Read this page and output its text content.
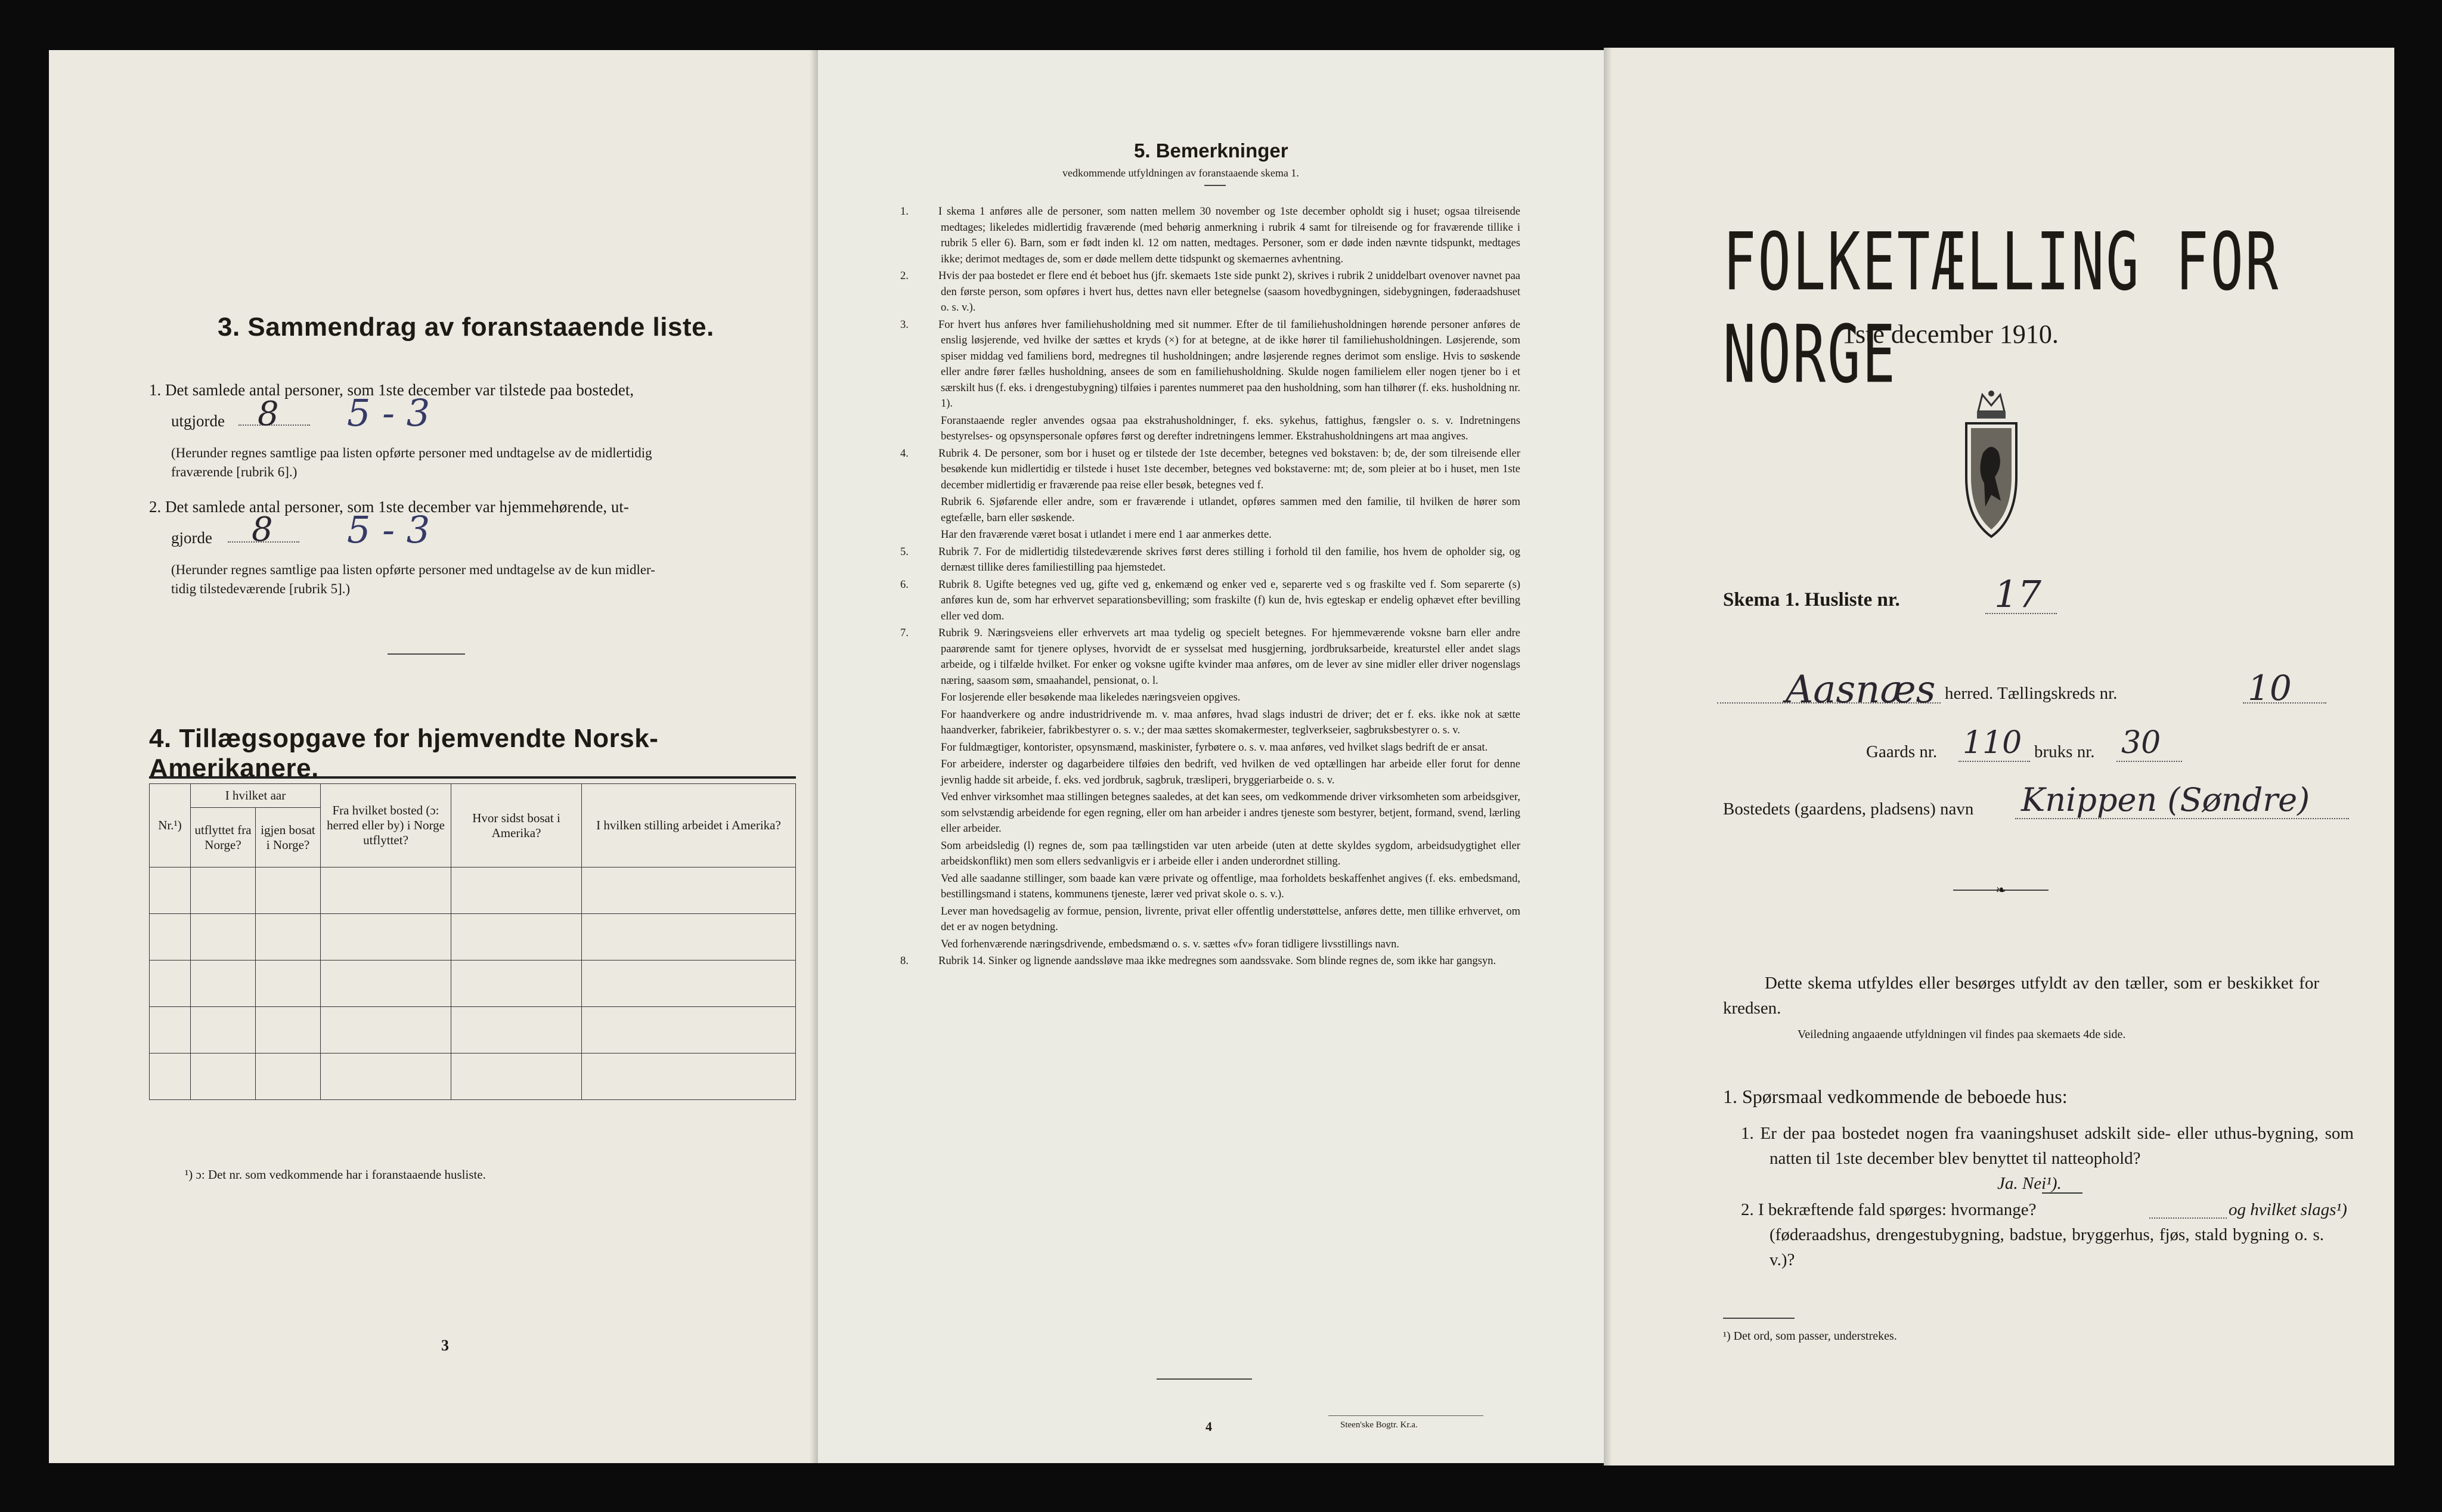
3. Sammendrag av foranstaaende liste.
1. Det samlede antal personer, som 1ste december var tilstede paa bostedet,
utgjorde 8 5 - 3
(Herunder regnes samtlige paa listen opførte personer med undtagelse av de midlertidig
fraværende [rubrik 6].)
2. Det samlede antal personer, som 1ste december var hjemmehørende, ut-
gjorde 8 5 - 3
(Herunder regnes samtlige paa listen opførte personer med undtagelse av de kun midler-
tidig tilstedeværende [rubrik 5].)
4. Tillægsopgave for hjemvendte Norsk-Amerikanere.
Nr.¹)	I hvilket aar		Fra hvilket bosted (ɔ: herred eller by) i Norge utflyttet?	Hvor sidst bosat i Amerika?	I hvilken stilling arbeidet i Amerika?
	utflyttet fra Norge?	igjen bosat i Norge?			

¹) ɔ: Det nr. som vedkommende har i foranstaaende husliste.
3
5. Bemerkninger
vedkommende utfyldningen av foranstaaende skema 1.
1.	I skema 1 anføres alle de personer, som natten mellem 30 november og 1ste december opholdt sig i huset; ogsaa tilreisende medtages; likeledes midlertidig fraværende (med behørig anmerkning i rubrik 4 samt for tilreisende og for fraværende tillike i rubrik 5 eller 6). Barn, som er født inden kl. 12 om natten, medtages. Personer, som er døde inden nævnte tidspunkt, medtages ikke; derimot medtages de, som er døde mellem dette tidspunkt og skemaernes avhentning.
2.	Hvis der paa bostedet er flere end ét beboet hus (jfr. skemaets 1ste side punkt 2), skrives i rubrik 2 uniddelbart ovenover navnet paa den første person, som opføres i hvert hus, dettes navn eller betegnelse (saasom hovedbygningen, sidebygningen, føderaadshuset o. s. v.).
3.	For hvert hus anføres hver familiehusholdning med sit nummer. Efter de til familiehusholdningen hørende personer anføres de enslig løsjerende, ved hvilke der sættes et kryds (×) for at betegne, at de ikke hører til familiehusholdningen. Løsjerende, som spiser middag ved familiens bord, medregnes til husholdningen; andre løsjerende regnes derimot som enslige. Hvis to søskende eller andre fører fælles husholdning, ansees de som en familiehusholdning. Skulde nogen familielem eller nogen tjener bo i et særskilt hus (f. eks. i drengestubygning) tilføies i parentes nummeret paa den husholdning, som han tilhører (f. eks. husholdning nr. 1).
Foranstaaende regler anvendes ogsaa paa ekstrahusholdninger, f. eks. sykehus, fattighus, fængsler o. s. v. Indretningens bestyrelses- og opsynspersonale opføres først og derefter indretningens lemmer. Ekstrahusholdningens art maa angives.
4.	Rubrik 4. De personer, som bor i huset og er tilstede der 1ste december, betegnes ved bokstaven: b; de, der som tilreisende eller besøkende kun midlertidig er tilstede i huset 1ste december, betegnes ved bokstaverne: mt; de, som pleier at bo i huset, men 1ste december midlertidig er fraværende paa reise eller besøk, betegnes ved f.
Rubrik 6. Sjøfarende eller andre, som er fraværende i utlandet, opføres sammen med den familie, til hvilken de hører som egtefælle, barn eller søskende.
Har den fraværende været bosat i utlandet i mere end 1 aar anmerkes dette.
5.	Rubrik 7. For de midlertidig tilstedeværende skrives først deres stilling i forhold til den familie, hos hvem de opholder sig, og dernæst tillike deres familiestilling paa hjemstedet.
6.	Rubrik 8. Ugifte betegnes ved ug, gifte ved g, enkemænd og enker ved e, separerte ved s og fraskilte ved f. Som separerte (s) anføres kun de, som har erhvervet separationsbevilling; som fraskilte (f) kun de, hvis egteskap er endelig ophævet efter bevilling eller ved dom.
7.	Rubrik 9. Næringsveiens eller erhvervets art maa tydelig og specielt betegnes. For hjemmeværende voksne barn eller andre paarørende samt for tjenere oplyses, hvorvidt de er sysselsat med husgjerning, jordbruksarbeide, kreaturstel eller andet slags arbeide, og i tilfælde hvilket. For enker og voksne ugifte kvinder maa anføres, om de lever av sine midler eller driver nogenslags næring, saasom søm, smaahandel, pensionat, o. l.
For losjerende eller besøkende maa likeledes næringsveien opgives.
For haandverkere og andre industridrivende m. v. maa anføres, hvad slags industri de driver; det er f. eks. ikke nok at sætte haandverker, fabrikeier, fabrikbestyrer o. s. v.; der maa sættes skomakermester, teglverkseier, sagbruksbestyrer o. s. v.
For fuldmægtiger, kontorister, opsynsmænd, maskinister, fyrbøtere o. s. v. maa anføres, ved hvilket slags bedrift de er ansat.
For arbeidere, inderster og dagarbeidere tilføies den bedrift, ved hvilken de ved optællingen har arbeide eller forut for denne jevnlig hadde sit arbeide, f. eks. ved jordbruk, sagbruk, træsliperi, bryggeriarbeide o. s. v.
Ved enhver virksomhet maa stillingen betegnes saaledes, at det kan sees, om vedkommende driver virksomheten som arbeidsgiver, som selvstændig arbeidende for egen regning, eller om han arbeider i andres tjeneste som bestyrer, betjent, formand, svend, lærling eller arbeider.
Som arbeidsledig (l) regnes de, som paa tællingstiden var uten arbeide (uten at dette skyldes sygdom, arbeidsudygtighet eller arbeidskonflikt) men som ellers sedvanligvis er i arbeide eller i anden underordnet stilling.
Ved alle saadanne stillinger, som baade kan være private og offentlige, maa forholdets beskaffenhet angives (f. eks. embedsmand, bestillingsmand i statens, kommunens tjeneste, lærer ved privat skole o. s. v.).
Lever man hovedsagelig av formue, pension, livrente, privat eller offentlig understøttelse, anføres dette, men tillike erhvervet, om det er av nogen betydning.
Ved forhenværende næringsdrivende, embedsmænd o. s. v. sættes «fv» foran tidligere livsstillings navn.
8.	Rubrik 14. Sinker og lignende aandssløve maa ikke medregnes som aandssvake. Som blinde regnes de, som ikke har gangsyn.
4	Steen'ske Bogtr. Kr.a.
FOLKETÆLLING FOR NORGE
1ste december 1910.
Skema 1. Husliste nr.	17
Aasnæs herred. Tællingskreds nr.	10
Gaards nr. 110 bruks nr. 30
Bostedets (gaardens, pladsens) navn Knippen (Søndre)
❧
Dette skema utfyldes eller besørges utfyldt av den tæller, som er beskikket for kredsen.
Veiledning angaaende utfyldningen vil findes paa skemaets 4de side.
1. Spørsmaal vedkommende de beboede hus:
1. Er der paa bostedet nogen fra vaaningshuset adskilt side- eller uthus-bygning, som natten til 1ste december blev benyttet til natteophold?
Ja. Nei¹).
2. I bekræftende fald spørges: hvormange?	og hvilket slags¹)
(føderaadshus, drengestubygning, badstue, bryggerhus, fjøs, stald bygning o. s. v.)?
¹) Det ord, som passer, understrekes.
